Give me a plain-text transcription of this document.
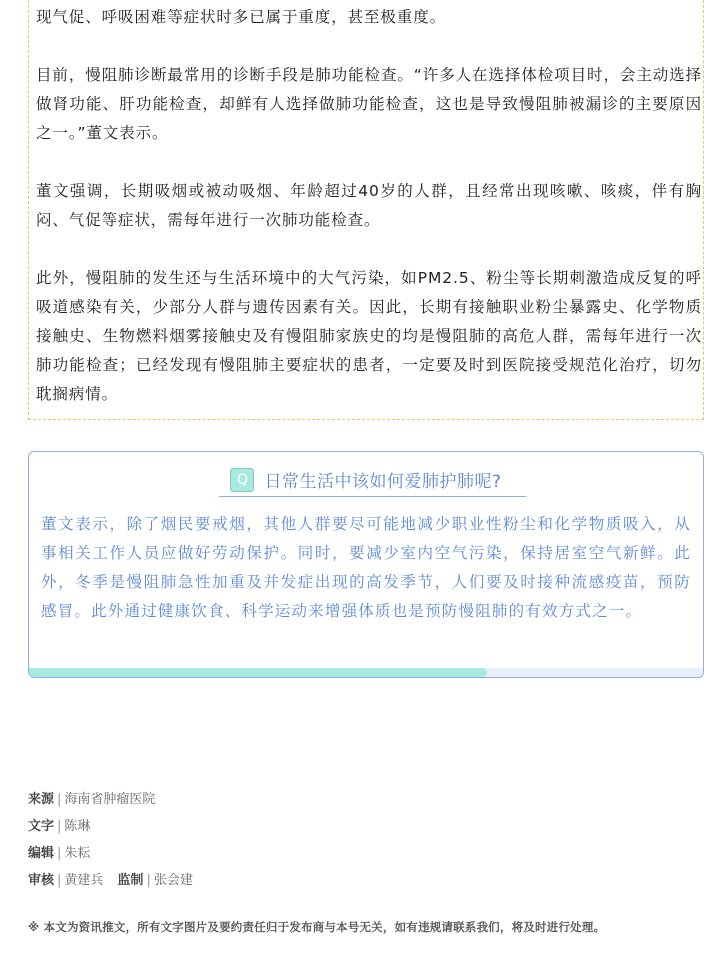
现气促、呼吸困难等症状时多已属于重度，甚至极重度。

目前，慢阻肺诊断最常用的诊断手段是肺功能检查。“许多人在选择体检项目时，会主动选择做肾功能、肝功能检查，却鲜有人选择做肺功能检查，这也是导致慢阻肺被漏诊的主要原因之一。”董文表示。

董文强调，长期吸烟或被动吸烟、年龄超过40岁的人群，且经常出现咳嗽、咳痰，伴有胸闷、气促等症状，需每年进行一次肺功能检查。

此外，慢阻肺的发生还与生活环境中的大气污染，如PM2.5、粉尘等长期刺激造成反复的呼吸道感染有关，少部分人群与遗传因素有关。因此，长期有接触职业粉尘暴露史、化学物质接触史、生物燃料烟雾接触史及有慢阻肺家族史的均是慢阻肺的高危人群，需每年进行一次肺功能检查；已经发现有慢阻肺主要症状的患者，一定要及时到医院接受规范化治疗，切勿耽搁病情。

Q 日常生活中该如何爱肺护肺呢?

董文表示，除了烟民要戒烟，其他人群要尽可能地减少职业性粉尘和化学物质吸入，从事相关工作人员应做好劳动保护。同时，要减少室内空气污染，保持居室空气新鲜。此外，冬季是慢阻肺急性加重及并发症出现的高发季节，人们要及时接种流感疫苗，预防感冒。此外通过健康饮食、科学运动来增强体质也是预防慢阻肺的有效方式之一。

来源 | 海南省肿瘤医院
文字 | 陈琳
编辑 | 朱耘
审核 | 黄建兵 监制 | 张会建
※ 本文为资讯推文，所有文字图片及要约责任归于发布商与本号无关，如有违规请联系我们，将及时进行处理。
